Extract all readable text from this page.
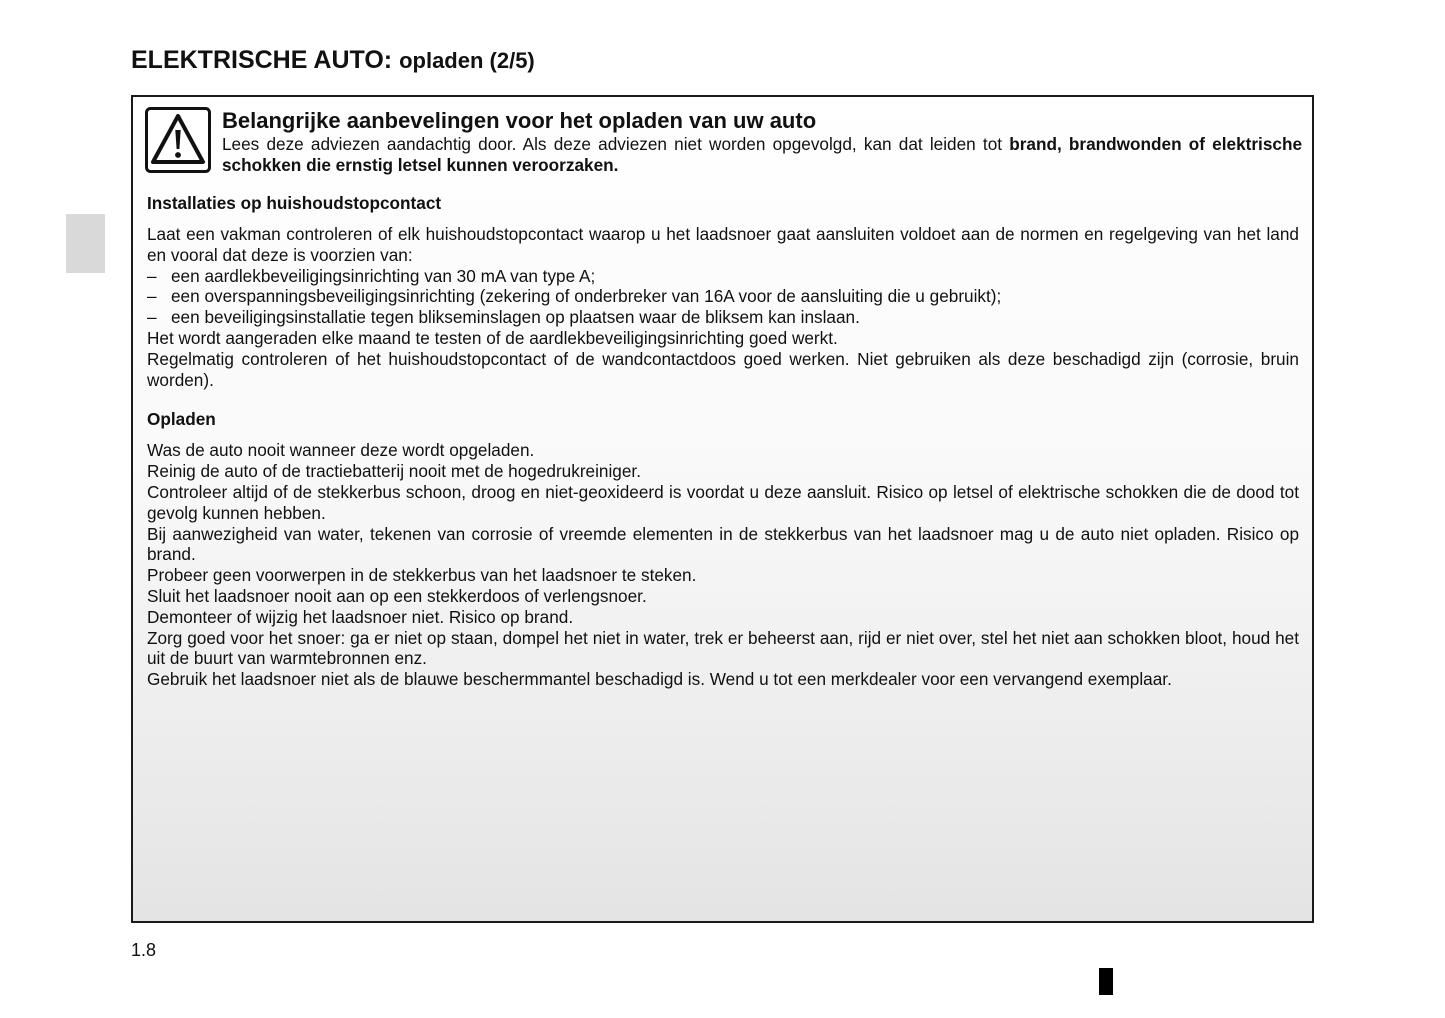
ELEKTRISCHE AUTO: opladen (2/5)

Belangrijke aanbevelingen voor het opladen van uw auto

Lees deze adviezen aandachtig door. Als deze adviezen niet worden opgevolgd, kan dat leiden tot brand, brandwonden of elektrische schokken die ernstig letsel kunnen veroorzaken.

Installaties op huishoudstopcontact

Laat een vakman controleren of elk huishoudstopcontact waarop u het laadsnoer gaat aansluiten voldoet aan de normen en regelgeving van het land en vooral dat deze is voorzien van:

– een aardlekbeveiligingsinrichting van 30 mA van type A;
– een overspanningsbeveiligingsinrichting (zekering of onderbreker van 16A voor de aansluiting die u gebruikt);
– een beveiligingsinstallatie tegen blikseminslagen op plaatsen waar de bliksem kan inslaan.

Het wordt aangeraden elke maand te testen of de aardlekbeveiligingsinrichting goed werkt.

Regelmatig controleren of het huishoudstopcontact of de wandcontactdoos goed werken. Niet gebruiken als deze beschadigd zijn (corrosie, bruin worden).

Opladen

Was de auto nooit wanneer deze wordt opgeladen.

Reinig de auto of de tractiebatterij nooit met de hogedrukreiniger.

Controleer altijd of de stekkerbus schoon, droog en niet-geoxideerd is voordat u deze aansluit. Risico op letsel of elektrische schokken die de dood tot gevolg kunnen hebben.

Bij aanwezigheid van water, tekenen van corrosie of vreemde elementen in de stekkerbus van het laadsnoer mag u de auto niet opladen. Risico op brand.

Probeer geen voorwerpen in de stekkerbus van het laadsnoer te steken.

Sluit het laadsnoer nooit aan op een stekkerdoos of verlengsnoer.

Demonteer of wijzig het laadsnoer niet. Risico op brand.

Zorg goed voor het snoer: ga er niet op staan, dompel het niet in water, trek er beheerst aan, rijd er niet over, stel het niet aan schokken bloot, houd het uit de buurt van warmtebronnen enz.

Gebruik het laadsnoer niet als de blauwe beschermmantel beschadigd is. Wend u tot een merkdealer voor een vervangend exemplaar.

1.8
